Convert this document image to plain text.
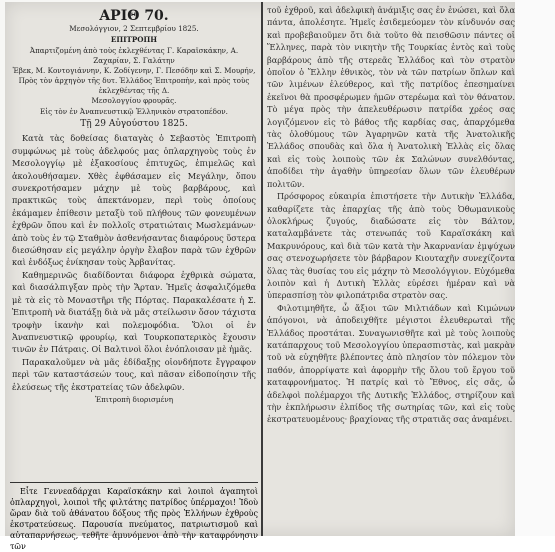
ΑΡΙΘ 70.
Μεσολόγγιον, 2 Σεπτεμβρίου 1825.
ΕΠΙΤΡΟΠΗ
Ἀπαρτιζομένη ἀπὸ τοὺς ἐκλεχθέντας Γ. Καραϊσκάκην, Α. Ζαχαρίαν, Σ. Γαλάτην
Ἐβεκ, Μ. Κοντογιάννην, Κ. Ζοδίγενην, Γ. Πεσόδην καὶ Σ. Μουρήν,
Πρὸς τὸν ἀρχηγὸν τῆς δυτ. Ἑλλάδος Ἐπιτροπὴν, καὶ πρὸς τοὺς ἐκλεχθέντας τῆς Δ.
Μεσολογγίου φρουρᾶς.
Εἰς τὸν ἐν Ἀναπνευστικῷ Ἑλληνικὸν στρατοπέδον.
Τῇ 29 Αὐγούστου 1825.

Κατὰ τὰς δοθείσας διαταγὰς ὁ Σεβαστὸς Ἐπιτροπὴ συμφώνως μὲ τοὺς ἀδελφούς μας ὁπλαρχηγοὺς τοὺς ἐν Μεσολογγίῳ μὲ ἑξακοσίους ἐπιτυχῶς, ἐπιμελῶς καὶ ἀκολουθήσαμεν. Χθὲς ἐφθάσαμεν εἰς Μεγάλην, ὅπου συνεκροτήσαμεν μάχην μὲ τοὺς βαρβάρους, καὶ πρακτικῶς τοὺς ἀπεκτάνομεν, περὶ τοὺς ὁποίους ἐκάμαμεν ἐπίθεσιν μεταξὺ τοῦ πλήθους τῶν φονευμένων ἐχθρῶν ὅπου καὶ ἐν πολλοῖς στρατιώταις Μωσλεμάνων· ἀπὸ τοὺς ἐν τῷ Σταθμὸν ἀσθενήσαντας διαφόρους ὕστερα διεσώθησαν εἰς μεγάλην ὀργὴν ἔλαβον παρὰ τῶν ἐχθρῶν καὶ ἐνδόξως ἐνίκησαν τοὺς Ἀρβανίτας.

Καθημερινῶς διαδίδονται διάφορα ἐχθρικὰ σώματα, καὶ διασάλπιγξαν πρὸς τὴν Ἄρταν. Ἡμεῖς ἀσφαλιζόμεθα μὲ τὰ εἰς τὸ Μοναστῆρι τῆς Πόρτας. Παρακαλέσατε ἡ Σ. Ἐπιτροπὴ νὰ διατάξῃ διὰ νὰ μᾶς στείλωσιν ὅσον τάχιστα τροφὴν ἱκανὴν καὶ πολεμοφόδια. Ὅλοι οἱ ἐν Ἀναπνευστικῷ φρουρίῳ, καὶ Τουρκοπατερικὸς ἔχουσιν τινῶν ἐν Πάτραις. Οἱ Βαλτινοὶ ὅλοι ἐνόπλοισαν μὲ ἡμᾶς.

Παρακαλοῦμεν νὰ μᾶς ἐδίδαξῃς οἰονδήποτε ἔγγραφον περὶ τῶν καταστάσεών τους, καὶ πᾶσαν εἰδοποίησιν τῆς ἐλεύσεως τῆς ἐκστρατείας τῶν ἀδελφῶν.

Ἐπιτροπὴ διορισμένη
Εἶτε Γεννεαδάρχαι Καραϊσκάκην καὶ λοιποὶ ἀγαπητοὶ ὁπλαρχηγοὶ, λοιποὶ τῆς φιλτάτης πατρίδος ὑπέρμαχοι! Ἰδοὺ ὥραν διὰ τοῦ ἀθάνατου δόξους τῆς πρὸς Ἑλλήνων ἐχθροὺς ἐκστρατεύσεως. Παρουσία πνεύματος, πατριωτισμοῦ καὶ αὐταπαρνήσεως, τεθῆτε ἀμυνόμενοι ἀπὸ τὴν καταφρόνησιν τῶν

τοῦ ἐχθροῦ, καὶ ἀδελφικὴ ἀνάμιξις σας ἐν ἑνώσει, καὶ ὅλα πάντα, ἀπολέσητε. Ἡμεῖς ἐσιδεμεύομεν τὸν κίνδυνόν σας καὶ προβεβαιοῦμεν ὅτι διὰ τοῦτο θὰ πεισθῶσιν πάντες οἱ Ἕλληνες, παρὰ τὸν νικητὴν τῆς Τουρκίας ἐντὸς καὶ τοὺς βαρβάρους ἀπὸ τῆς στερεᾶς Ἑλλάδος καὶ τὸν στρατὸν ὁποῖον ὁ Ἕλλην ἐθνικὸς, τὸν νὰ τῶν πατρίων ὅπλων καὶ τῶν λιμένων ἐλεύθερος, καὶ τῆς πατρίδος ἐπεσημαίνει ἐκεῖνοι θὰ προσφέρωμεν ἡμῶν στερέωμα καὶ τὸν θάνατον. Τὸ μέγα πρὸς τὴν ἀπελευθέρωσιν πατρίδα χρέος σας λογιζόμενον εἰς τὸ βάθος τῆς καρδίας σας, ἀπαρχόμεθα τὰς ὁλοθύμους τῶν Ἀγαρηνῶν κατὰ τῆς Ἀνατολικῆς Ἑλλάδος σπουδὰς καὶ ὅλα ἡ Ἀνατολικὴ Ἑλλὰς εἰς ὅλας καὶ εἰς τοὺς λοιποὺς τῶν ἐκ Σαλώνων συνελθόντας, ἀποδίδει τὴν ἀγαθὴν ὑπηρεσίαν ὅλων τῶν ἐλευθέρων πολιτῶν.

Πρόσφορος εὐκαιρία ἐπιστήσετε τὴν Δυτικὴν Ἑλλάδα, καθαρίζετε τὰς ἐπαρχίας τῆς ἀπὸ τοὺς Ὀθωμανικοὺς ὁλοκλήρως ζυγούς, διαδώσατε εἰς τὸν Βάλτον, καταλαμβάνετε τὰς στενωπάς τοῦ Καραϊσκάκη καὶ Μακρυνόρους, καὶ διὰ τῶν κατὰ τὴν Ἀκαρνανίαν ἐμψύχων σας στενοχωρήσετε τὸν βάρβαρον Κιουταχῆν συνεχίζοντα ὅλας τὰς θυσίας του εἰς μάχην τὸ Μεσολόγγιον. Εὐχόμεθα λοιπὸν καὶ ἡ Δυτικὴ Ἑλλὰς εὑρέσει ἡμέραν καὶ νὰ ὑπερασπίσῃ τὸν φιλοπάτριδα στρατὸν σας.

Φιλοτιμηθῆτε, ὦ ἄξιοι τῶν Μιλτιάδων καὶ Κιμώνων ἀπόγονοι, νὰ ἀποδειχθῆτε μέγιστοι ἐλευθερωταὶ τῆς Ἑλλάδος προστάται. Συναγωνισθῆτε καὶ μὲ τοὺς λοιποὺς κατάπαρχους τοῦ Μεσολογγίου ὑπερασπιστὰς, καὶ μακρὰν τοῦ νὰ εὐχηθῆτε βλέποντες ἀπὸ πλησίον τὸν πόλεμον τὸν παθόν, ἀπορρίψατε καὶ ἀφορμὴν τῆς ὅλου τοῦ ἔργου τοῦ καταφρονήματος. Ἡ πατρίς καὶ τὸ Ἔθνος, εἰς σᾶς, ὦ ἀδελφοὶ πολέμαρχοι τῆς Δυτικῆς Ἑλλάδος, στηρίζουν καὶ τὴν ἐκπλήρωσιν ἐλπίδος τῆς σωτηρίας τῶν, καὶ εἰς τοὺς ἐκστρατευομένους· βραχίονας τῆς στρατιᾶς σας ἀναμένει.
